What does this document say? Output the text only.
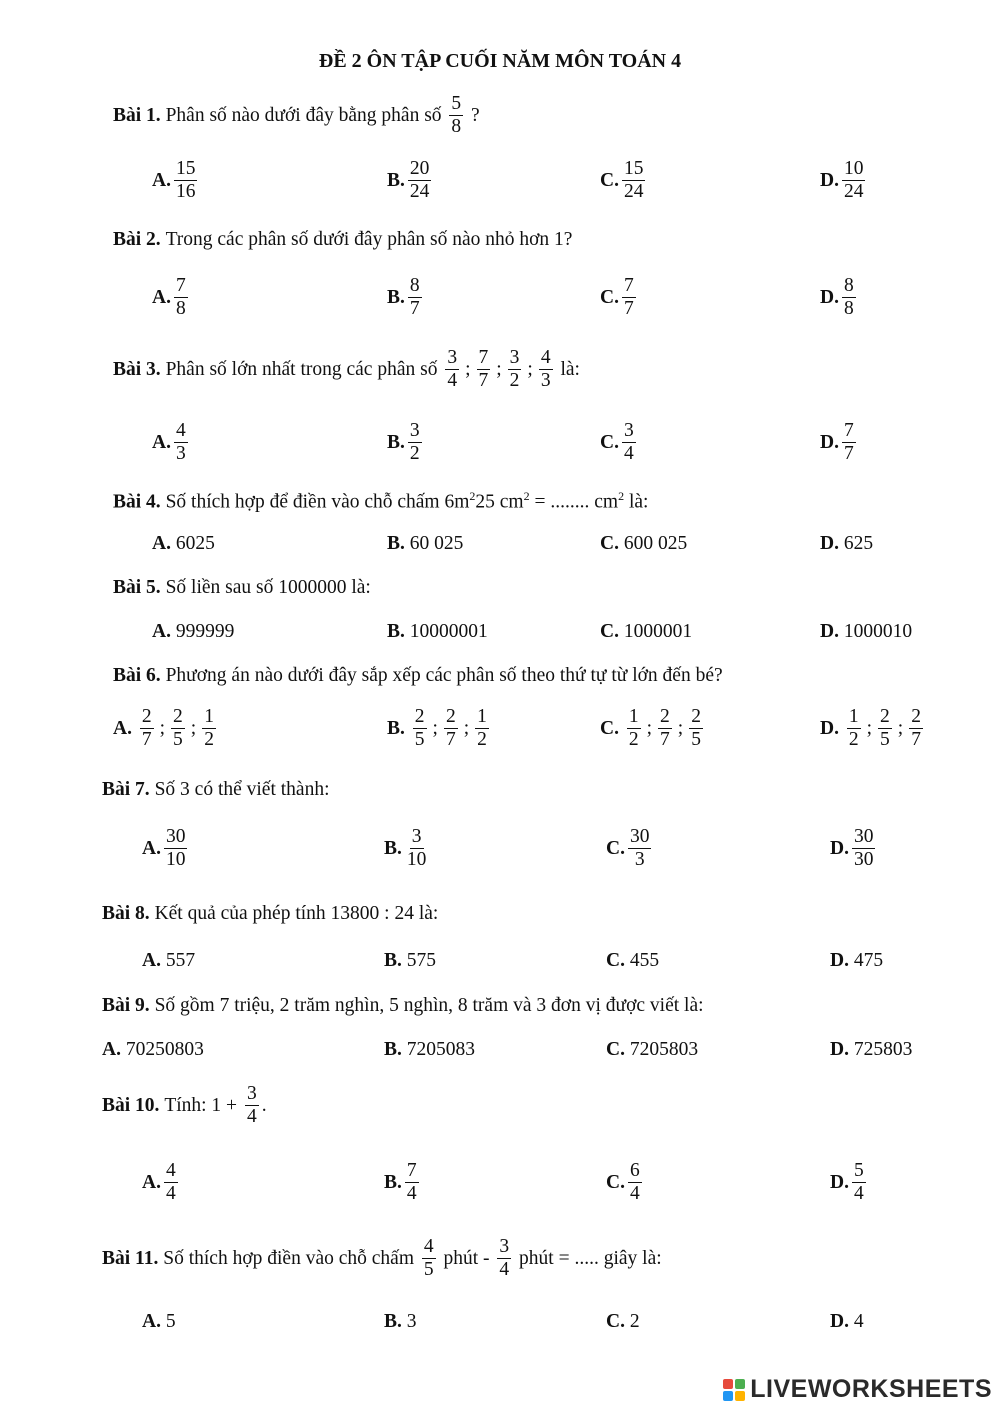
ĐỀ 2 ÔN TẬP CUỐI NĂM MÔN TOÁN 4
Bài 1.
Phân số nào dưới đây bằng phân số
$\frac{5}{8}$
?
A. $\frac{15}{16}$	B. $\frac{20}{24}$	C. $\frac{15}{24}$	D. $\frac{10}{24}$
Bài 2. Trong các phân số dưới đây phân số nào nhỏ hơn 1?
A. $\frac{7}{8}$	B. $\frac{8}{7}$	C. $\frac{7}{7}$	D. $\frac{8}{8}$
Bài 3.
Phân số lớn nhất trong các phân số
$\frac{3}{4}$ ; $\frac{7}{7}$ ; $\frac{3}{2}$ ; $\frac{4}{3}$
là:
A. $\frac{4}{3}$	B. $\frac{3}{2}$	C. $\frac{3}{4}$	D. $\frac{7}{7}$
Bài 4. Số thích hợp để điền vào chỗ chấm $6m^225$ $cm^2$ = ........ $cm^2$ là:
A. 6025	B. 60 025	C. 600 025	D. 625
Bài 5. Số liền sau số 1000000 là:
A. 999999	B. 10000001	C. 1000001	D. 1000010
Bài 6. Phương án nào dưới đây sắp xếp các phân số theo thứ tự từ lớn đến bé?
A.
$\frac{2}{7}$ ; $\frac{2}{5}$ ; $\frac{1}{2}$	B.
$\frac{2}{5}$ ; $\frac{2}{7}$ ; $\frac{1}{2}$	C.
$\frac{1}{2}$ ; $\frac{2}{7}$ ; $\frac{2}{5}$	D.
$\frac{1}{2}$ ; $\frac{2}{5}$ ; $\frac{2}{7}$
Bài 7. Số 3 có thể viết thành:
A. $\frac{30}{10}$	B. $\frac{3}{10}$	C. $\frac{30}{3}$	D. $\frac{30}{30}$
Bài 8. Kết quả của phép tính 13800 : 24 là:
A. 557	B. 575	C. 455	D. 475
Bài 9. Số gồm 7 triệu, 2 trăm nghìn, 5 nghìn, 8 trăm và 3 đơn vị được viết là:
A. 70250803	B. 7205083	C. 7205803	D. 725803
Bài 10.
Tính: 1 +
$\frac{3}{4}$ .
A. $\frac{4}{4}$	B. $\frac{7}{4}$	C. $\frac{6}{4}$	D. $\frac{5}{4}$
Bài 11.
Số thích hợp điền vào chỗ chấm
$\frac{4}{5}$
phút -
$\frac{3}{4}$
phút = ..... giây là:
A. 5	B. 3	C. 2	D. 4
LIVEWORKSHEETS
